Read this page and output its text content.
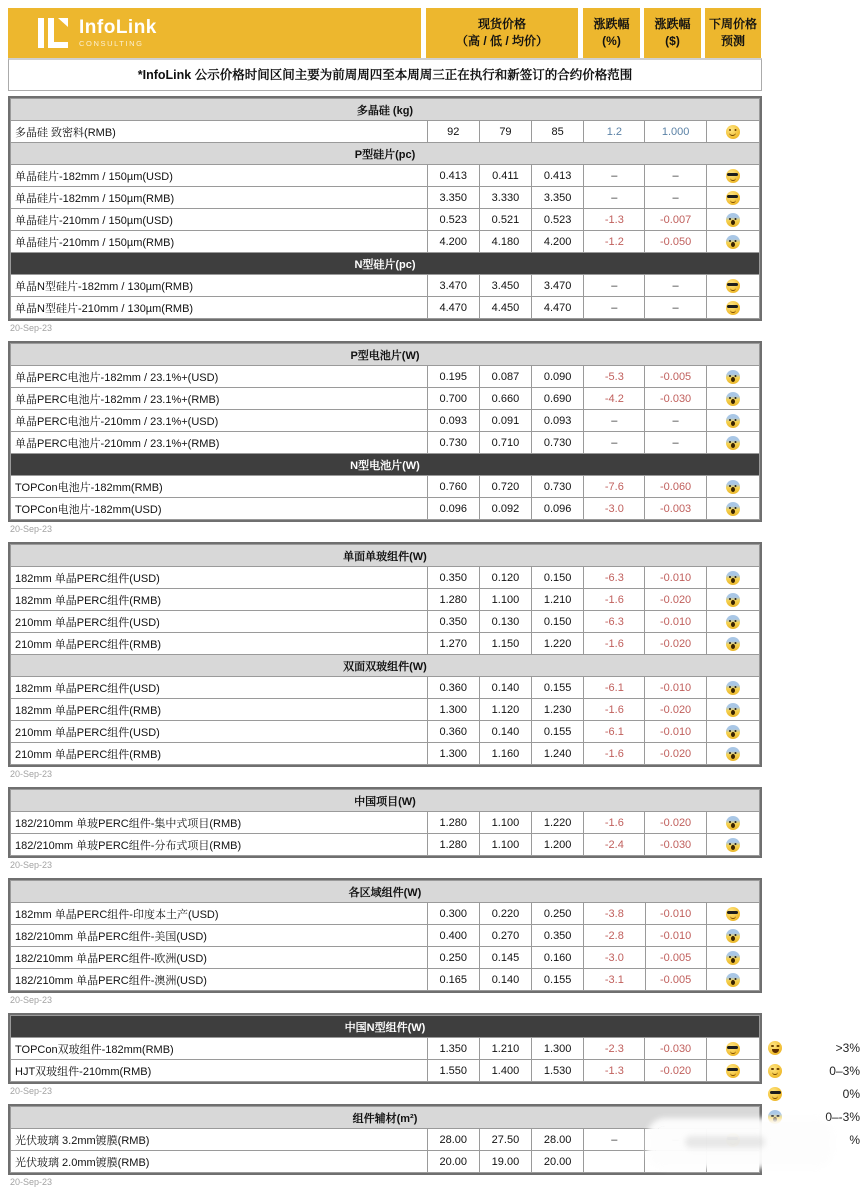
InfoLink
CONSULTING
现货价格
（高 / 低 / 均价）
涨跌幅
(%)
涨跌幅
($)
下周价格
预测
*InfoLink 公示价格时间区间主要为前周周四至本周周三正在执行和新签订的合约价格范围
多晶硅 (kg)						
多晶硅 致密料(RMB)	92	79	85	1.2	1.000	
P型硅片(pc)						
单晶硅片-182mm / 150µm(USD)	0.413	0.411	0.413	–	–	
单晶硅片-182mm / 150µm(RMB)	3.350	3.330	3.350	–	–	
单晶硅片-210mm / 150µm(USD)	0.523	0.521	0.523	-1.3	-0.007	
单晶硅片-210mm / 150µm(RMB)	4.200	4.180	4.200	-1.2	-0.050	
N型硅片(pc)						
单晶N型硅片-182mm / 130µm(RMB)	3.470	3.450	3.470	–	–	
单晶N型硅片-210mm / 130µm(RMB)	4.470	4.450	4.470	–	–	
20-Sep-23
P型电池片(W)						
单晶PERC电池片-182mm / 23.1%+(USD)	0.195	0.087	0.090	-5.3	-0.005	
单晶PERC电池片-182mm / 23.1%+(RMB)	0.700	0.660	0.690	-4.2	-0.030	
单晶PERC电池片-210mm / 23.1%+(USD)	0.093	0.091	0.093	–	–	
单晶PERC电池片-210mm / 23.1%+(RMB)	0.730	0.710	0.730	–	–	
N型电池片(W)						
TOPCon电池片-182mm(RMB)	0.760	0.720	0.730	-7.6	-0.060	
TOPCon电池片-182mm(USD)	0.096	0.092	0.096	-3.0	-0.003	
20-Sep-23
单面单玻组件(W)						
182mm 单晶PERC组件(USD)	0.350	0.120	0.150	-6.3	-0.010	
182mm 单晶PERC组件(RMB)	1.280	1.100	1.210	-1.6	-0.020	
210mm 单晶PERC组件(USD)	0.350	0.130	0.150	-6.3	-0.010	
210mm 单晶PERC组件(RMB)	1.270	1.150	1.220	-1.6	-0.020	
双面双玻组件(W)						
182mm 单晶PERC组件(USD)	0.360	0.140	0.155	-6.1	-0.010	
182mm 单晶PERC组件(RMB)	1.300	1.120	1.230	-1.6	-0.020	
210mm 单晶PERC组件(USD)	0.360	0.140	0.155	-6.1	-0.010	
210mm 单晶PERC组件(RMB)	1.300	1.160	1.240	-1.6	-0.020	
20-Sep-23
中国项目(W)						
182/210mm 单玻PERC组件-集中式项目(RMB)	1.280	1.100	1.220	-1.6	-0.020	
182/210mm 单玻PERC组件-分布式项目(RMB)	1.280	1.100	1.200	-2.4	-0.030	
20-Sep-23
各区域组件(W)						
182mm 单晶PERC组件-印度本土产(USD)	0.300	0.220	0.250	-3.8	-0.010	
182/210mm 单晶PERC组件-美国(USD)	0.400	0.270	0.350	-2.8	-0.010	
182/210mm 单晶PERC组件-欧洲(USD)	0.250	0.145	0.160	-3.0	-0.005	
182/210mm 单晶PERC组件-澳洲(USD)	0.165	0.140	0.155	-3.1	-0.005	
20-Sep-23
中国N型组件(W)						
TOPCon双玻组件-182mm(RMB)	1.350	1.210	1.300	-2.3	-0.030	
HJT双玻组件-210mm(RMB)	1.550	1.400	1.530	-1.3	-0.020	
20-Sep-23
组件辅材(m²)						
光伏玻璃 3.2mm镀膜(RMB)	28.00	27.50	28.00	–		
光伏玻璃 2.0mm镀膜(RMB)	20.00	19.00	20.00			
20-Sep-23
>3%
0–3%
0%
0–-3%
%
